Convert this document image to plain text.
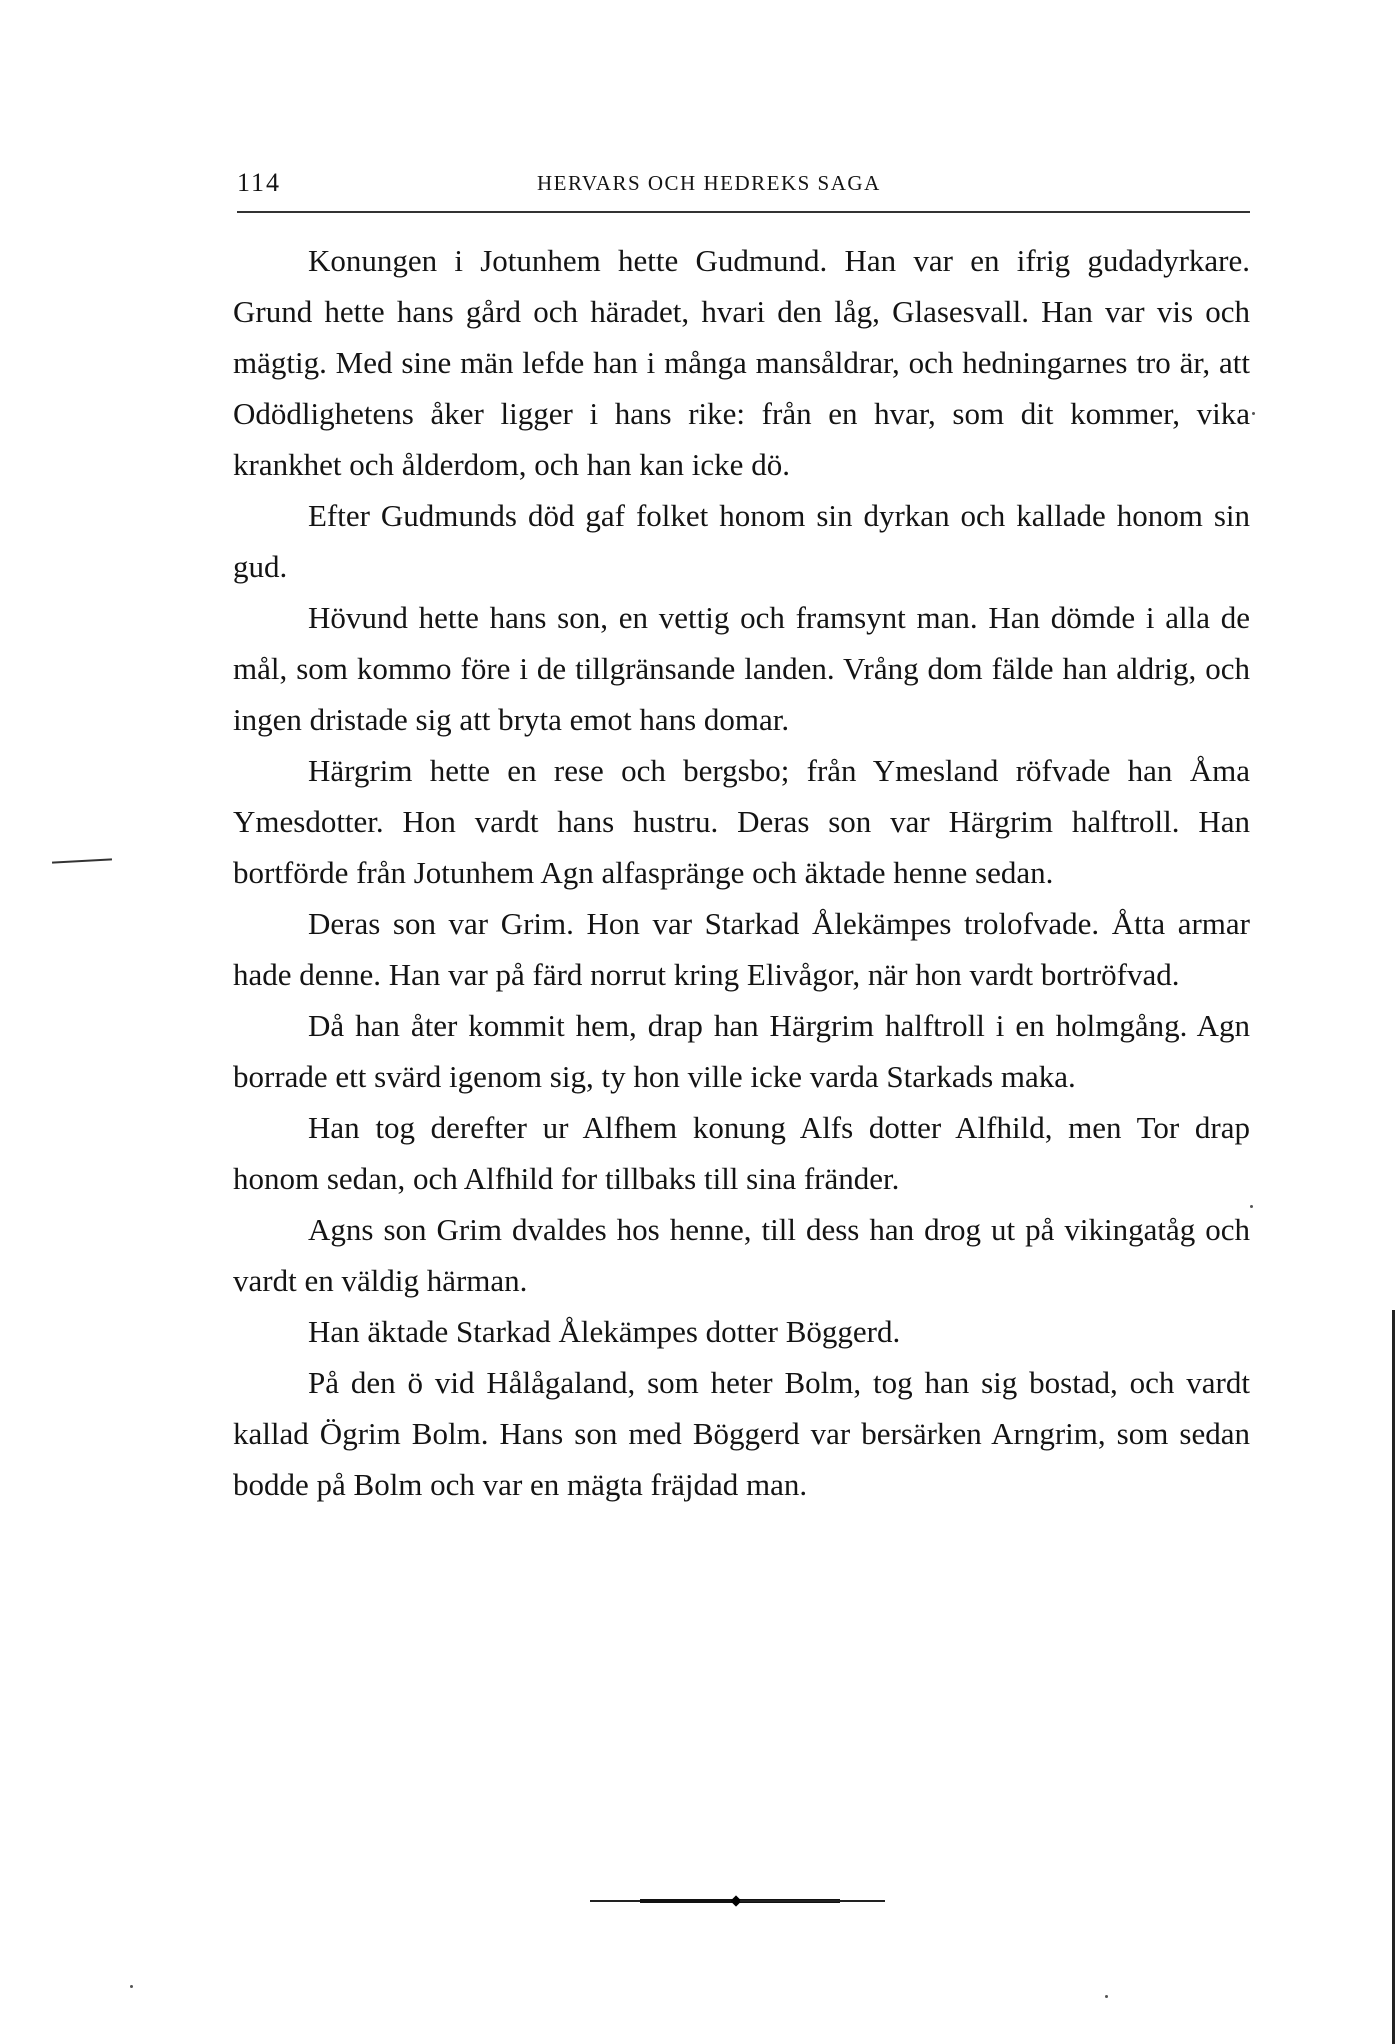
114	HERVARS OCH HEDREKS SAGA

Konungen i Jotunhem hette Gudmund. Han var en ifrig gudadyrkare. Grund hette hans gård och häradet, hvari den låg, Glasesvall. Han var vis och mägtig. Med sine män lefde han i många mansåldrar, och hedningarnes tro är, att Odödlighetens åker ligger i hans rike: från en hvar, som dit kommer, vika krankhet och ålderdom, och han kan icke dö.

Efter Gudmunds död gaf folket honom sin dyrkan och kallade honom sin gud.

Hövund hette hans son, en vettig och framsynt man. Han dömde i alla de mål, som kommo före i de tillgränsande landen. Vrång dom fälde han aldrig, och ingen dristade sig att bryta emot hans domar.

Härgrim hette en rese och bergsbo; från Ymesland röfvade han Åma Ymesdotter. Hon vardt hans hustru. Deras son var Härgrim halftroll. Han bortförde från Jotunhem Agn alfasprängе och äktade henne sedan.

Deras son var Grim. Hon var Starkad Ålekämpes trolofvade. Åtta armar hade denne. Han var på färd norrut kring Elivågor, när hon vardt bortröfvad.

Då han åter kommit hem, drap han Härgrim halftroll i en holmgång. Agn borrade ett svärd igenom sig, ty hon ville icke varda Starkads maka.

Han tog derefter ur Alfhem konung Alfs dotter Alfhild, men Tor drap honom sedan, och Alfhild for tillbaks till sina fränder.

Agns son Grim dvaldes hos henne, till dess han drog ut på vikingatåg och vardt en väldig härman.

Han äktade Starkad Ålekämpes dotter Böggerd.

På den ö vid Hålågaland, som heter Bolm, tog han sig bostad, och vardt kallad Ögrim Bolm. Hans son med Böggerd var bersärken Arngrim, som sedan bodde på Bolm och var en mägta fräjdad man.
